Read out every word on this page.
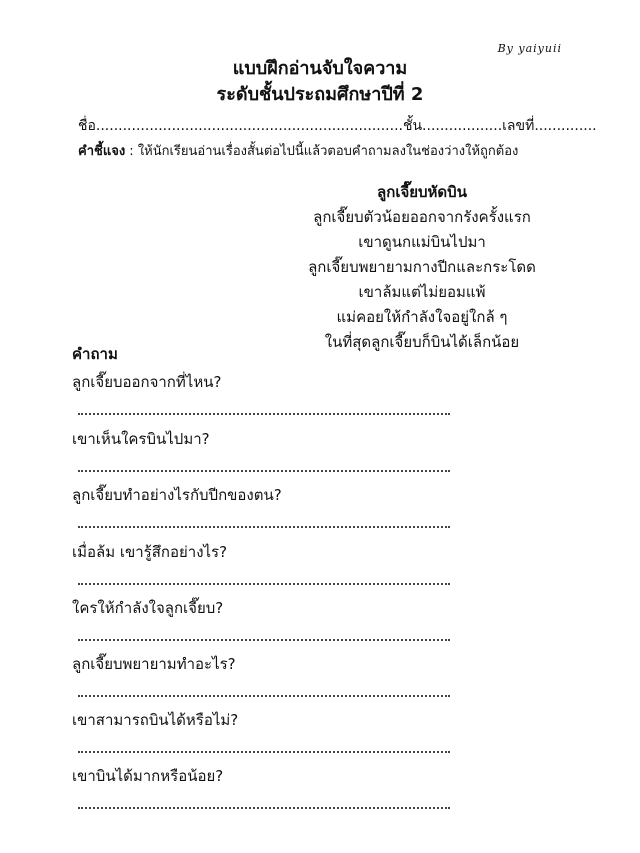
By yaiyuii
แบบฝึกอ่านจับใจความ
ระดับชั้นประถมศึกษาปีที่ 2
ชื่อ.....................................................................ชั้น..................เลขที่..............
คำชี้แจง : ให้นักเรียนอ่านเรื่องสั้นต่อไปนี้แล้วตอบคำถามลงในช่องว่างให้ถูกต้อง
ลูกเจี๊ยบหัดบิน
ลูกเจี๊ยบตัวน้อยออกจากรังครั้งแรก
เขาดูนกแม่บินไปมา
ลูกเจี๊ยบพยายามกางปีกและกระโดด
เขาล้มแต่ไม่ยอมแพ้
แม่คอยให้กำลังใจอยู่ใกล้ ๆ
ในที่สุดลูกเจี๊ยบก็บินได้เล็กน้อย
คำถาม
ลูกเจี๊ยบออกจากที่ไหน?
เขาเห็นใครบินไปมา?
ลูกเจี๊ยบทำอย่างไรกับปีกของตน?
เมื่อล้ม เขารู้สึกอย่างไร?
ใครให้กำลังใจลูกเจี๊ยบ?
ลูกเจี๊ยบพยายามทำอะไร?
เขาสามารถบินได้หรือไม่?
เขาบินได้มากหรือน้อย?
